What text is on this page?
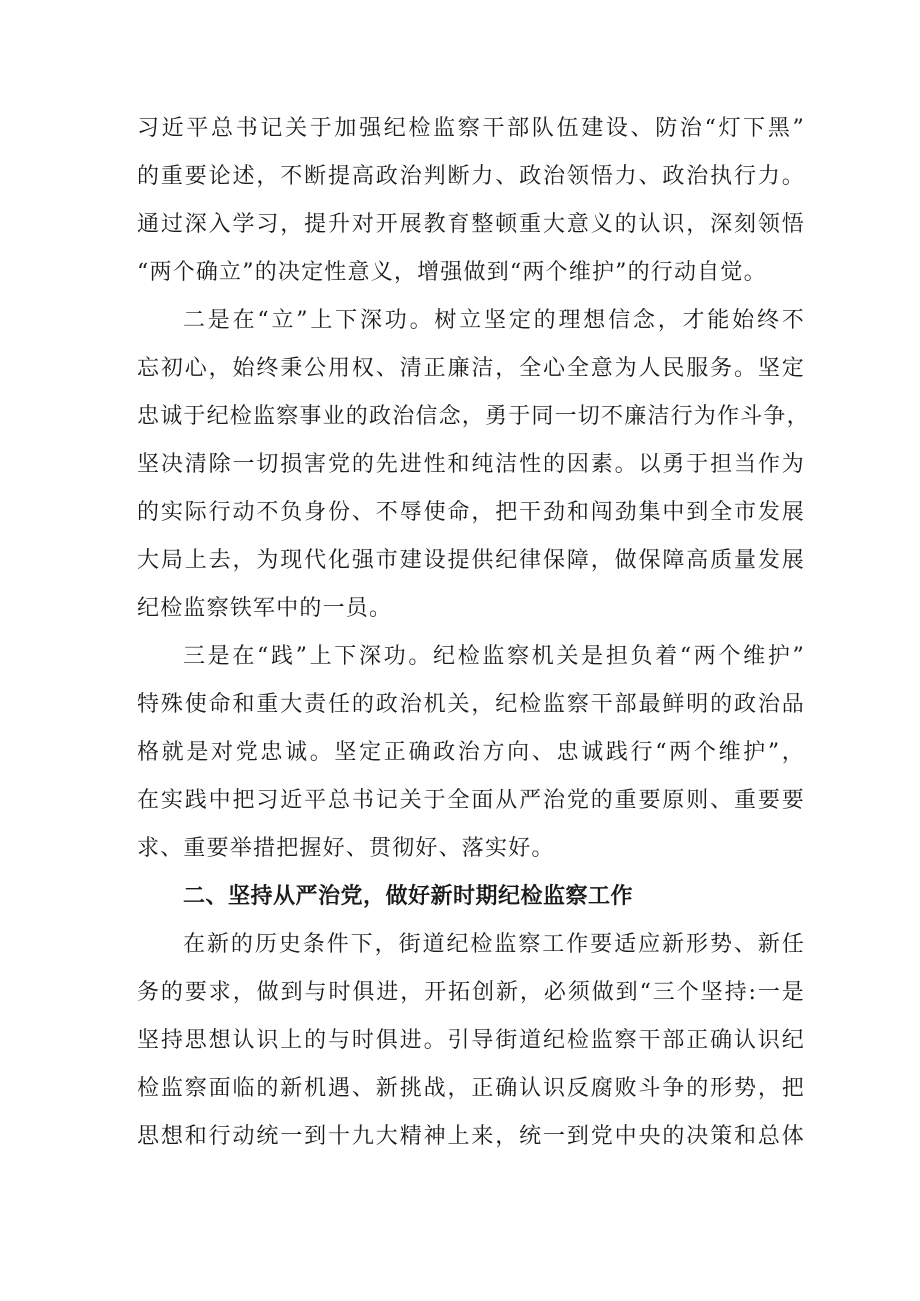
习近平总书记关于加强纪检监察干部队伍建设、防治“灯下黑”
的重要论述，不断提高政治判断力、政治领悟力、政治执行力。
通过深入学习，提升对开展教育整顿重大意义的认识，深刻领悟
“两个确立”的决定性意义，增强做到“两个维护”的行动自觉。
二是在“立”上下深功。树立坚定的理想信念，才能始终不
忘初心，始终秉公用权、清正廉洁，全心全意为人民服务。坚定
忠诚于纪检监察事业的政治信念，勇于同一切不廉洁行为作斗争，
坚决清除一切损害党的先进性和纯洁性的因素。以勇于担当作为
的实际行动不负身份、不辱使命，把干劲和闯劲集中到全市发展
大局上去，为现代化强市建设提供纪律保障，做保障高质量发展
纪检监察铁军中的一员。
三是在“践”上下深功。纪检监察机关是担负着“两个维护”
特殊使命和重大责任的政治机关，纪检监察干部最鲜明的政治品
格就是对党忠诚。坚定正确政治方向、忠诚践行“两个维护”，
在实践中把习近平总书记关于全面从严治党的重要原则、重要要
求、重要举措把握好、贯彻好、落实好。
二、坚持从严治党，做好新时期纪检监察工作
在新的历史条件下，街道纪检监察工作要适应新形势、新任
务的要求，做到与时俱进，开拓创新，必须做到“三个坚持:一是
坚持思想认识上的与时俱进。引导街道纪检监察干部正确认识纪
检监察面临的新机遇、新挑战，正确认识反腐败斗争的形势，把
思想和行动统一到十九大精神上来，统一到党中央的决策和总体
